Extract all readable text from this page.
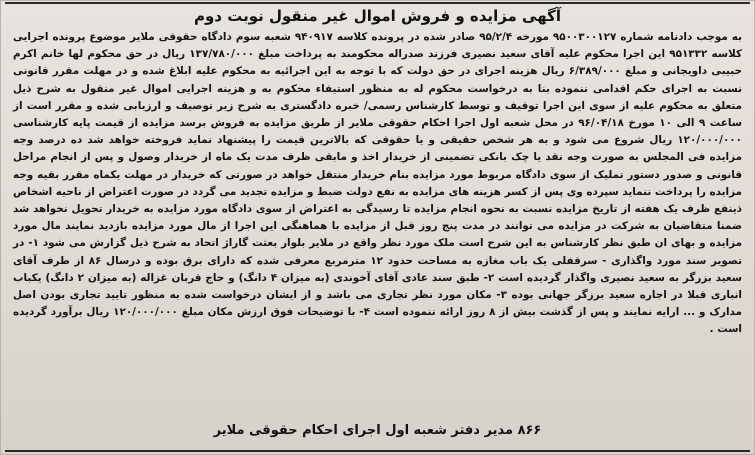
آگهی مزایده و فروش اموال غیر منقول نوبت دوم
به موجب دادنامه شماره ۹۵۰۰۳۰۰۱۲۷ مورخه ۹۵/۲/۴ صادر شده در پرونده کلاسه ۹۴۰۹۱۷ شعبه سوم دادگاه حقوقی ملایر موضوع پرونده اجرایی کلاسه ۹۵۱۳۳۲ این اجرا محکوم علیه آقای سعید نصیری فرزند صدراله محکومند به پرداخت مبلغ ۱۳۷/۷۸۰/۰۰۰ ریال در حق محکوم لها خانم اکرم حبیبی داویجانی و مبلغ ۶/۳۸۹/۰۰۰ ریال هزینه اجرای در حق دولت که با توجه به این اجرائیه به محکوم علیه ابلاغ شده و در مهلت مقرر قانونی نسبت به اجرای حکم اقدامی ننموده بنا به درخواست محکوم له به منظور استیفاء محکوم به و هزینه اجرایی اموال غیر منقول به شرح ذیل متعلق به محکوم علیه از سوی این اجرا توقیف و توسط کارشناس رسمی/ خبره دادگستری به شرح زیر توصیف و ارزیابی شده و مقرر است از ساعت ۹ الی ۱۰ مورخ ۹۶/۰۴/۱۸ در محل شعبه اول اجرا احکام حقوقی ملایر از طریق مزایده به فروش برسد مزایده از قیمت پایه کارشناسی ۱۲۰/۰۰۰/۰۰۰ ریال شروع می شود و به هر شخص حقیقی و یا حقوقی که بالاترین قیمت را پیشنهاد نماید فروخته خواهد شد ده درصد وجه مزایده فی المجلس به صورت وجه نقد یا چک بانکی تضمینی از خریدار اخذ و مابقی ظرف مدت یک ماه از خریدار وصول و پس از انجام مراحل قانونی و صدور دستور تملیک از سوی دادگاه مربوط مورد مزایده بنام خریدار منتقل خواهد در صورتی که خریدار در مهلت یکماه مقرر بقیه وجه مزایده را پرداخت ننماید سپرده وی پس از کسر هزینه های مزایده به نفع دولت ضبط و مزایده تجدید می گردد در صورت اعتراض از ناحیه اشخاص ذینفع ظرف یک هفته از تاریخ مزایده نسبت به نحوه انجام مزایده تا رسیدگی به اعتراض از سوی دادگاه مورد مزایده به خریدار تحویل نخواهد شد ضمنا متقاضیان به شرکت در مزایده می توانند در مدت پنج روز قبل از مزایده با هماهنگی این اجرا از مال مورد مزایده بازدید نمایند مال مورد مزایده و بهای ان طبق نظر کارشناس به این شرح است ملک مورد نظر واقع در ملایر بلوار بعثت گاراژ اتحاد به شرح ذیل گزارش می شود ۱- در تصویر سند مورد واگذاری - سرقفلی یک باب مغازه به مساحت حدود ۱۲ مترمربع معرفی شده که دارای برق بوده و درسال ۸۶ از طرف آقای سعید بزرگر به سعید نصیری واگذار گردیده است ۲- طبق سند عادی آقای آخوندی (به میزان ۴ دانگ) و حاج قربان غزاله (به میزان ۲ دانگ) یکباب انباری قبلا در اجاره سعید برزگر جهانی بوده ۳- مکان مورد نظر تجاری می باشد و از ایشان درخواست شده به منظور تایید تجاری بودن اصل مدارک و ... ارایه نمایند و پس از گذشت بیش از ۸ روز ارائه ننموده است ۴- با توضیحات فوق ارزش مکان مبلغ ۱۲۰/۰۰۰/۰۰۰ ریال برآورد گردیده است .
۸۶۶ مدیر دفتر شعبه اول اجرای احکام حقوقی ملایر
